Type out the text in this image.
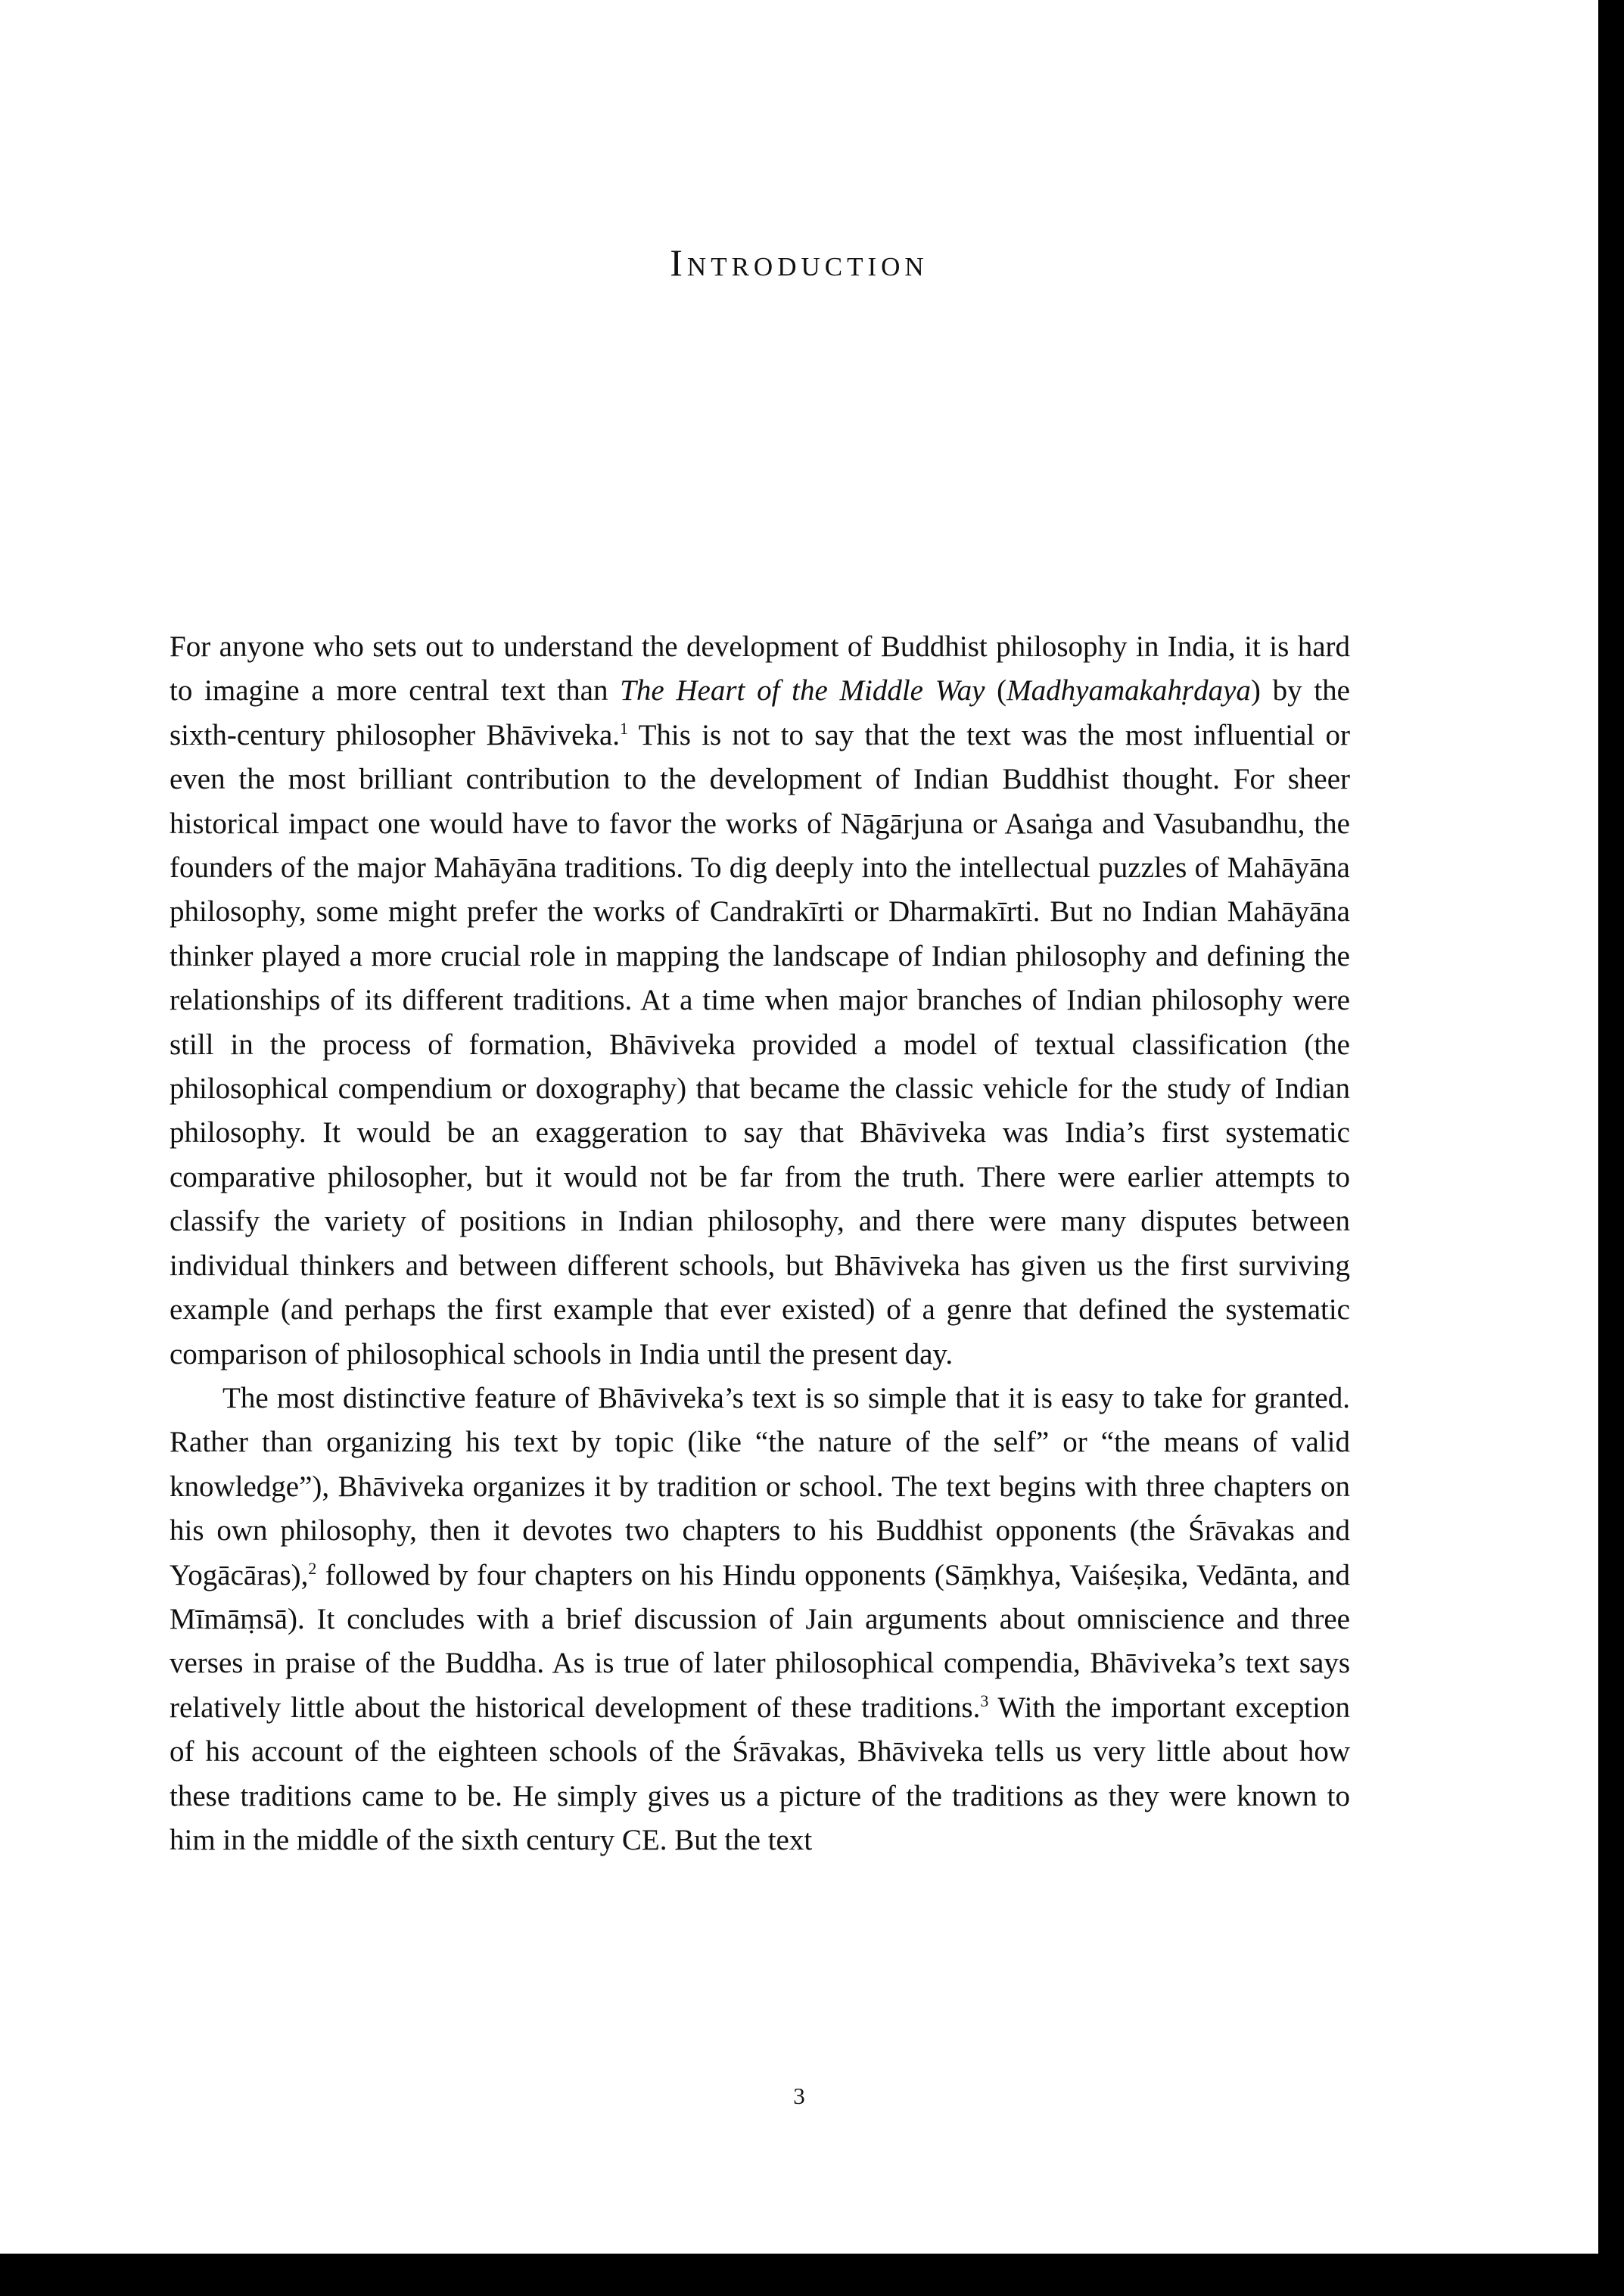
Introduction

For anyone who sets out to understand the development of Buddhist philosophy in India, it is hard to imagine a more central text than The Heart of the Middle Way (Madhyamakahṛdaya) by the sixth-century philosopher Bhāviveka.$^1$ This is not to say that the text was the most influential or even the most brilliant contribution to the development of Indian Buddhist thought. For sheer historical impact one would have to favor the works of Nāgārjuna or Asaṅga and Vasubandhu, the founders of the major Mahāyāna traditions. To dig deeply into the intellectual puzzles of Mahāyāna philosophy, some might prefer the works of Candrakīrti or Dharmakīrti. But no Indian Mahāyāna thinker played a more crucial role in mapping the landscape of Indian philosophy and defining the relationships of its different traditions. At a time when major branches of Indian philosophy were still in the process of formation, Bhāviveka provided a model of textual classification (the philosophical compendium or doxography) that became the classic vehicle for the study of Indian philosophy. It would be an exaggeration to say that Bhāviveka was India’s first systematic comparative philosopher, but it would not be far from the truth. There were earlier attempts to classify the variety of positions in Indian philosophy, and there were many disputes between individual thinkers and between different schools, but Bhāviveka has given us the first surviving example (and perhaps the first example that ever existed) of a genre that defined the systematic comparison of philosophical schools in India until the present day.

The most distinctive feature of Bhāviveka’s text is so simple that it is easy to take for granted. Rather than organizing his text by topic (like “the nature of the self” or “the means of valid knowledge”), Bhāviveka organizes it by tradition or school. The text begins with three chapters on his own philosophy, then it devotes two chapters to his Buddhist opponents (the Śrāvakas and Yogācāras),$^2$ followed by four chapters on his Hindu opponents (Sāṃkhya, Vaiśeṣika, Vedānta, and Mīmāṃsā). It concludes with a brief discussion of Jain arguments about omniscience and three verses in praise of the Buddha. As is true of later philosophical compendia, Bhāviveka’s text says relatively little about the historical development of these traditions.$^3$ With the important exception of his account of the eighteen schools of the Śrāvakas, Bhāviveka tells us very little about how these traditions came to be. He simply gives us a picture of the traditions as they were known to him in the middle of the sixth century CE. But the text

3
